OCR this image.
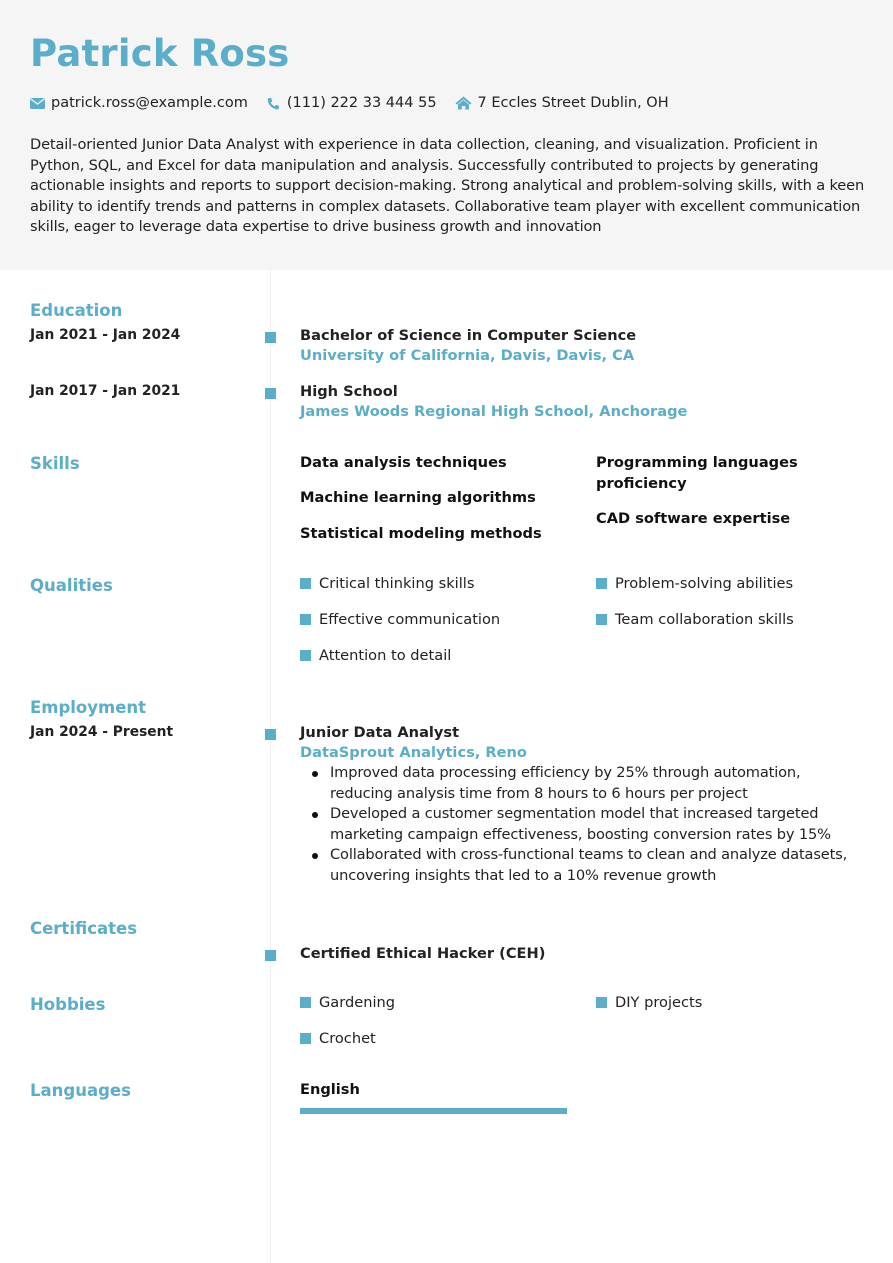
Patrick Ross
patrick.ross@example.com	(111) 222 33 444 55	7 Eccles Street Dublin, OH

Detail-oriented Junior Data Analyst with experience in data collection, cleaning, and visualization. Proficient in Python, SQL, and Excel for data manipulation and analysis. Successfully contributed to projects by generating actionable insights and reports to support decision-making. Strong analytical and problem-solving skills, with a keen ability to identify trends and patterns in complex datasets. Collaborative team player with excellent communication skills, eager to leverage data expertise to drive business growth and innovation

Education
Jan 2021 - Jan 2024	Bachelor of Science in Computer Science
University of California, Davis, Davis, CA
Jan 2017 - Jan 2021	High School
James Woods Regional High School, Anchorage
Skills	Data analysis techniques
Machine learning algorithms
Statistical modeling methods
Programming languages proficiency
CAD software expertise
Qualities	Critical thinking skills
Effective communication
Attention to detail
Problem-solving abilities
Team collaboration skills
Employment
Jan 2024 - Present	Junior Data Analyst
DataSprout Analytics, Reno
Improved data processing efficiency by 25% through automation, reducing analysis time from 8 hours to 6 hours per project
Developed a customer segmentation model that increased targeted marketing campaign effectiveness, boosting conversion rates by 15%
Collaborated with cross-functional teams to clean and analyze datasets, uncovering insights that led to a 10% revenue growth
Certificates
Certified Ethical Hacker (CEH)
Hobbies	Gardening
Crochet
DIY projects
Languages	English
